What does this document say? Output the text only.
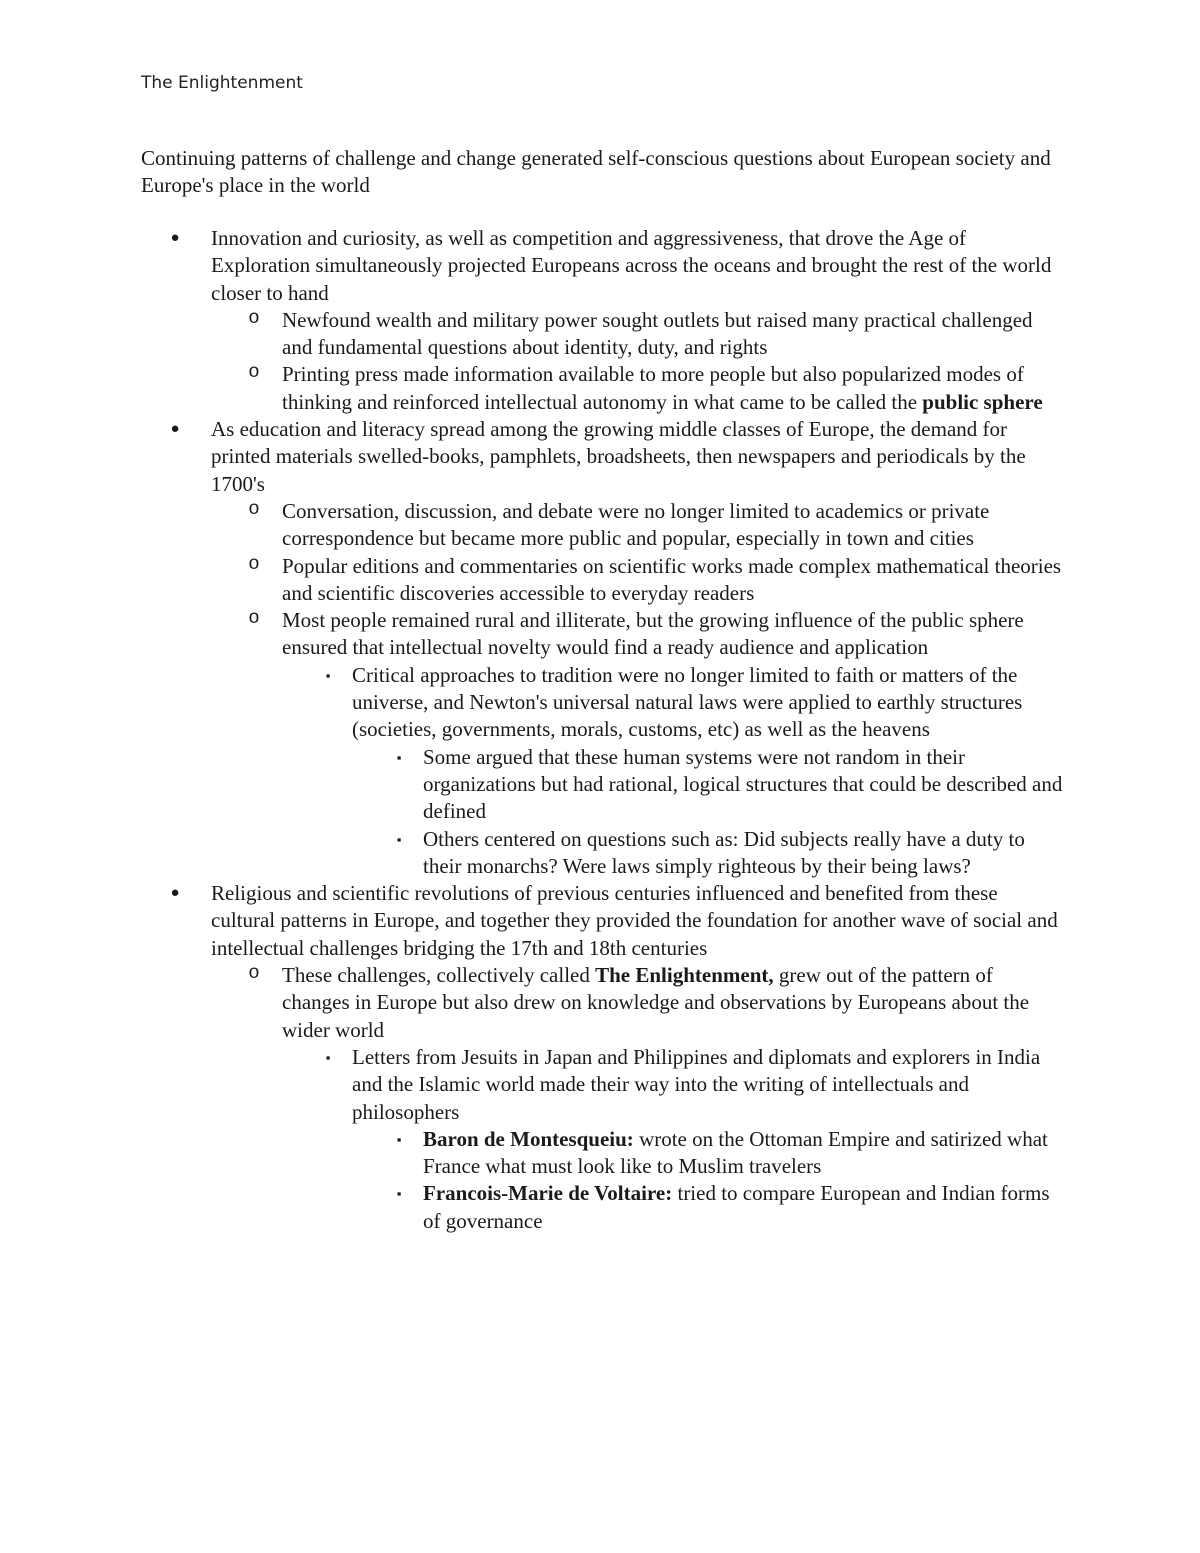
The Enlightenment
Continuing patterns of challenge and change generated self-conscious questions about European society and Europe's place in the world
● Innovation and curiosity, as well as competition and aggressiveness, that drove the Age of Exploration simultaneously projected Europeans across the oceans and brought the rest of the world closer to hand
o Newfound wealth and military power sought outlets but raised many practical challenged and fundamental questions about identity, duty, and rights
o Printing press made information available to more people but also popularized modes of thinking and reinforced intellectual autonomy in what came to be called the public sphere
● As education and literacy spread among the growing middle classes of Europe, the demand for printed materials swelled-books, pamphlets, broadsheets, then newspapers and periodicals by the 1700's
o Conversation, discussion, and debate were no longer limited to academics or private correspondence but became more public and popular, especially in town and cities
o Popular editions and commentaries on scientific works made complex mathematical theories and scientific discoveries accessible to everyday readers
o Most people remained rural and illiterate, but the growing influence of the public sphere ensured that intellectual novelty would find a ready audience and application
▪	Critical approaches to tradition were no longer limited to faith or matters of the universe, and Newton's universal natural laws were applied to earthly structures (societies, governments, morals, customs, etc) as well as the heavens
▪	Some argued that these human systems were not random in their organizations but had rational, logical structures that could be described and defined
▪	Others centered on questions such as: Did subjects really have a duty to their monarchs? Were laws simply righteous by their being laws?
● Religious and scientific revolutions of previous centuries influenced and benefited from these cultural patterns in Europe, and together they provided the foundation for another wave of social and intellectual challenges bridging the 17th and 18th centuries
o These challenges, collectively called The Enlightenment, grew out of the pattern of changes in Europe but also drew on knowledge and observations by Europeans about the wider world
▪	Letters from Jesuits in Japan and Philippines and diplomats and explorers in India and the Islamic world made their way into the writing of intellectuals and philosophers
▪	Baron de Montesqueiu: wrote on the Ottoman Empire and satirized what France what must look like to Muslim travelers
▪	Francois-Marie de Voltaire: tried to compare European and Indian forms of governance
